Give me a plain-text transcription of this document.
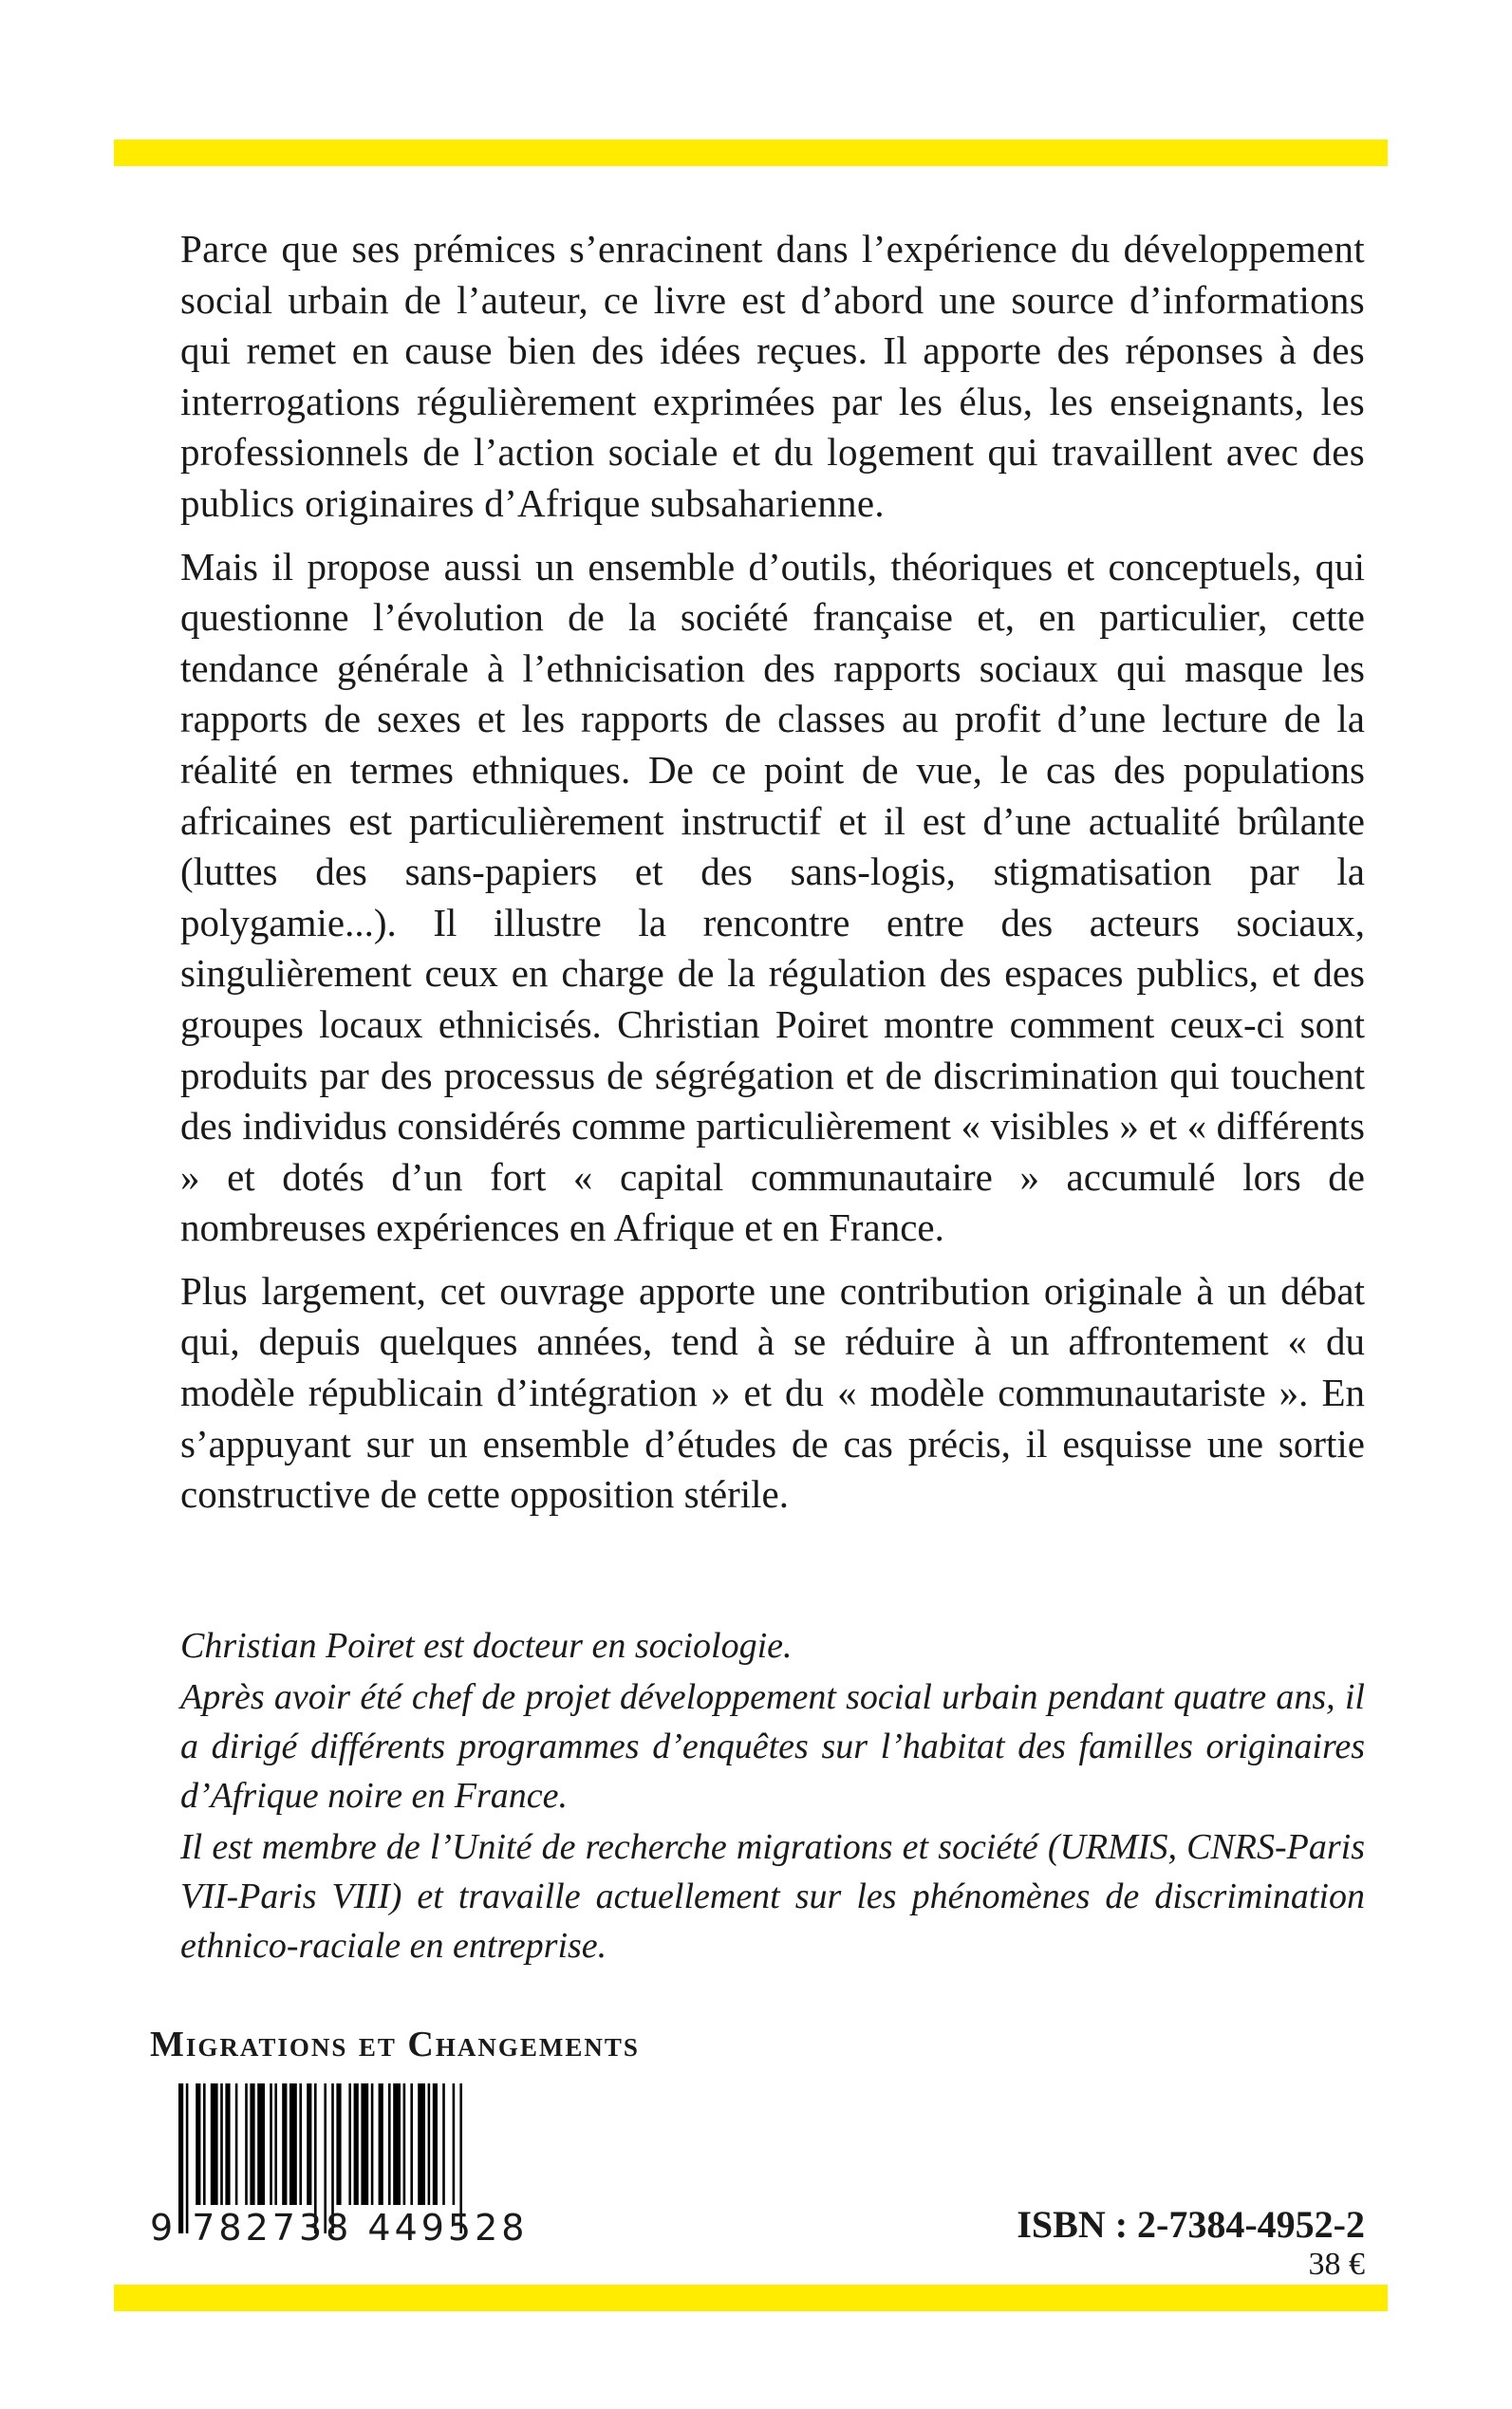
Parce que ses prémices s’enracinent dans l’expérience du développement social urbain de l’auteur, ce livre est d’abord une source d’informations qui remet en cause bien des idées reçues. Il apporte des réponses à des interrogations régulièrement exprimées par les élus, les enseignants, les professionnels de l’action sociale et du logement qui travaillent avec des publics originaires d’Afrique subsaharienne.

Mais il propose aussi un ensemble d’outils, théoriques et conceptuels, qui questionne l’évolution de la société française et, en particulier, cette tendance générale à l’ethnicisation des rapports sociaux qui masque les rapports de sexes et les rapports de classes au profit d’une lecture de la réalité en termes ethniques. De ce point de vue, le cas des populations africaines est particulièrement instructif et il est d’une actualité brûlante (luttes des sans-papiers et des sans-logis, stigmatisation par la polygamie...). Il illustre la rencontre entre des acteurs sociaux, singulièrement ceux en charge de la régulation des espaces publics, et des groupes locaux ethnicisés. Christian Poiret montre comment ceux-ci sont produits par des processus de ségrégation et de discrimination qui touchent des individus considérés comme particulièrement « visibles » et « différents » et dotés d’un fort « capital communautaire » accumulé lors de nombreuses expériences en Afrique et en France.

Plus largement, cet ouvrage apporte une contribution originale à un débat qui, depuis quelques années, tend à se réduire à un affrontement « du modèle républicain d’intégration » et du « modèle communautariste ». En s’appuyant sur un ensemble d’études de cas précis, il esquisse une sortie constructive de cette opposition stérile.

Christian Poiret est docteur en sociologie.

Après avoir été chef de projet développement social urbain pendant quatre ans, il a dirigé différents programmes d’enquêtes sur l’habitat des familles originaires d’Afrique noire en France.

Il est membre de l’Unité de recherche migrations et société (URMIS, CNRS-Paris VII-Paris VIII) et travaille actuellement sur les phénomènes de discrimination ethnico-raciale en entreprise.

Migrations et Changements
9 782738 449528	ISBN : 2-7384-4952-2
38 €
